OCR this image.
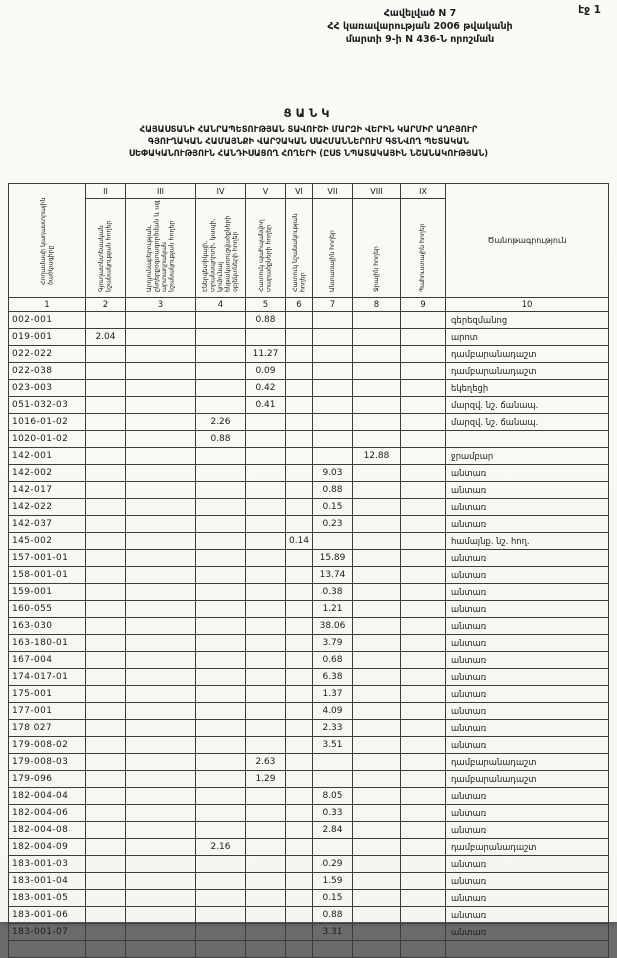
էջ 1
Հավելված N 7
ՀՀ կառավարության 2006 թվականի
մարտի 9-ի N 436-Ն որոշման
ՑԱՆԿ
ՀԱՅԱՍՏԱՆԻ ՀԱՆՐԱՊԵՏՈՒԹՅԱՆ ՏԱՎՈՒՇԻ ՄԱՐԶԻ ՎԵՐԻՆ ԿԱՐՄԻՐ ԱՂԲՅՈՒՐ
ԳՅՈՒՂԱԿԱՆ ՀԱՄԱՅՆՔԻ ՎԱՐՉԱԿԱՆ ՍԱՀՄԱՆՆԵՐՈՒՄ ԳՏՆՎՈՂ ՊԵՏԱԿԱՆ
ՍԵՓԱԿԱՆՈՒԹՅՈՒՆ ՀԱՆԴԻՍԱՑՈՂ ՀՈՂԵՐԻ (ԸՍՏ ՆՊԱՏԱԿԱՅԻՆ ՆՇԱՆԱԿՈՒԹՅԱՆ)
Հողամասի կադաստրային ծածկագիրը	II	III	IV	V	VI	VII	VIII	IX	Ծանոթագրություն
	Գյուղատնտեսական նշանակության հողեր	Արդյունաբերության, ընդերքօգտագործման և այլ արտադրական նշանակության հողեր	Էներգետիկայի, տրանսպորտի, կապի, կոմունալ ենթակառուցվածքների օբյեկտների հողեր	Հատուկ պահպանվող տարածքների հողեր	Հատուկ նշանակության հողեր	Անտառային հողեր	Ջրային հողեր	Պահուստային հողեր	
1	2	3	4	5	6	7	8	9	10
002-001				0.88					գերեզմանոց
019-001	2.04								արոտ
022-022				11.27					դամբարանադաշտ
022-038				0.09					դամբարանադաշտ
023-003				0.42					եկեղեցի
051-032-03				0.41					մարզվ. նշ. ճանապ.
1016-01-02			2.26						մարզվ. նշ. ճանապ.
1020-01-02			0.88						
142-001							12.88		ջրամբար
142-002						9.03			անտառ
142-017						0.88			անտառ
142-022						0.15			անտառ
142-037						0.23			անտառ
145-002					0.14				համայնք. նշ. հող.
157-001-01						15.89			անտառ
158-001-01						13.74			անտառ
159-001						0.38			անտառ
160-055						1.21			անտառ
163-030						38.06			անտառ
163-180-01						3.79			անտառ
167-004						0.68			անտառ
174-017-01						6.38			անտառ
175-001						1.37			անտառ
177-001						4.09			անտառ
178 027						2.33			անտառ
179-008-02						3.51			անտառ
179-008-03				2.63					դամբարանադաշտ
179-096				1.29					դամբարանադաշտ
182-004-04						8.05			անտառ
182-004-06						0.33			անտառ
182-004-08						2.84			անտառ
182-004-09			2.16						դամբարանադաշտ
183-001-03						0.29			անտառ
183-001-04						1.59			անտառ
183-001-05						0.15			անտառ
183-001-06						0.88			անտառ
183-001-07						3.31			անտառ
